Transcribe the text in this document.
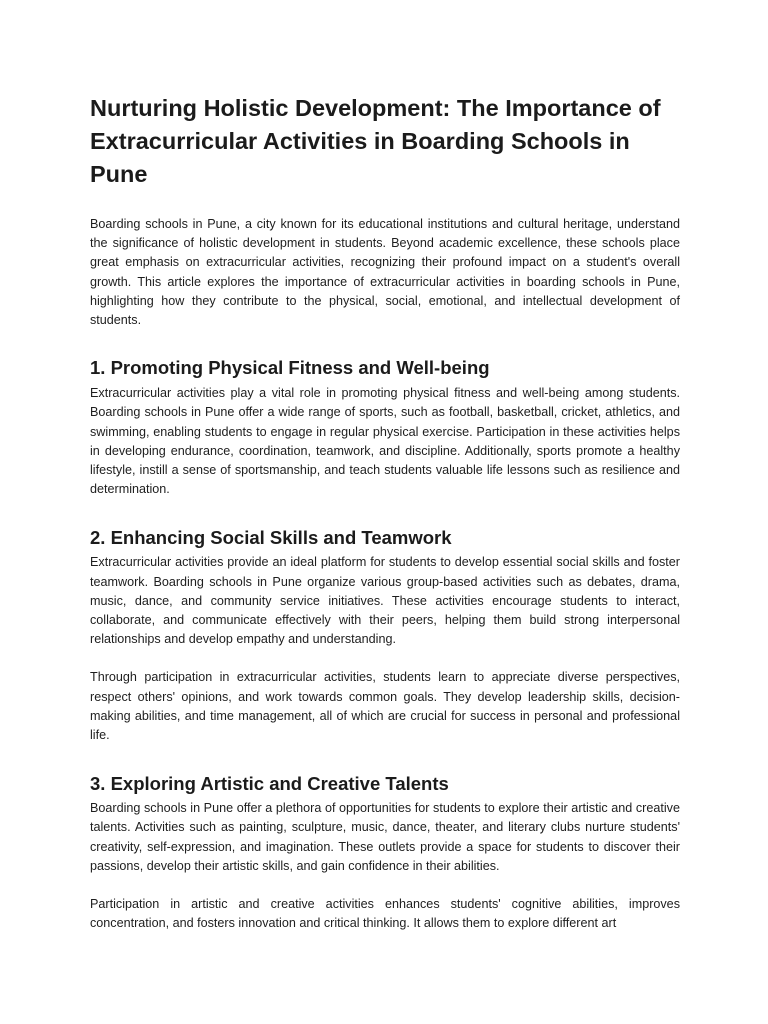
Nurturing Holistic Development: The Importance of Extracurricular Activities in Boarding Schools in Pune

Boarding schools in Pune, a city known for its educational institutions and cultural heritage, understand the significance of holistic development in students. Beyond academic excellence, these schools place great emphasis on extracurricular activities, recognizing their profound impact on a student's overall growth. This article explores the importance of extracurricular activities in boarding schools in Pune, highlighting how they contribute to the physical, social, emotional, and intellectual development of students.

1. Promoting Physical Fitness and Well-being

Extracurricular activities play a vital role in promoting physical fitness and well-being among students. Boarding schools in Pune offer a wide range of sports, such as football, basketball, cricket, athletics, and swimming, enabling students to engage in regular physical exercise. Participation in these activities helps in developing endurance, coordination, teamwork, and discipline. Additionally, sports promote a healthy lifestyle, instill a sense of sportsmanship, and teach students valuable life lessons such as resilience and determination.

2. Enhancing Social Skills and Teamwork

Extracurricular activities provide an ideal platform for students to develop essential social skills and foster teamwork. Boarding schools in Pune organize various group-based activities such as debates, drama, music, dance, and community service initiatives. These activities encourage students to interact, collaborate, and communicate effectively with their peers, helping them build strong interpersonal relationships and develop empathy and understanding.

Through participation in extracurricular activities, students learn to appreciate diverse perspectives, respect others' opinions, and work towards common goals. They develop leadership skills, decision-making abilities, and time management, all of which are crucial for success in personal and professional life.

3. Exploring Artistic and Creative Talents

Boarding schools in Pune offer a plethora of opportunities for students to explore their artistic and creative talents. Activities such as painting, sculpture, music, dance, theater, and literary clubs nurture students' creativity, self-expression, and imagination. These outlets provide a space for students to discover their passions, develop their artistic skills, and gain confidence in their abilities.

Participation in artistic and creative activities enhances students' cognitive abilities, improves concentration, and fosters innovation and critical thinking. It allows them to explore different art
